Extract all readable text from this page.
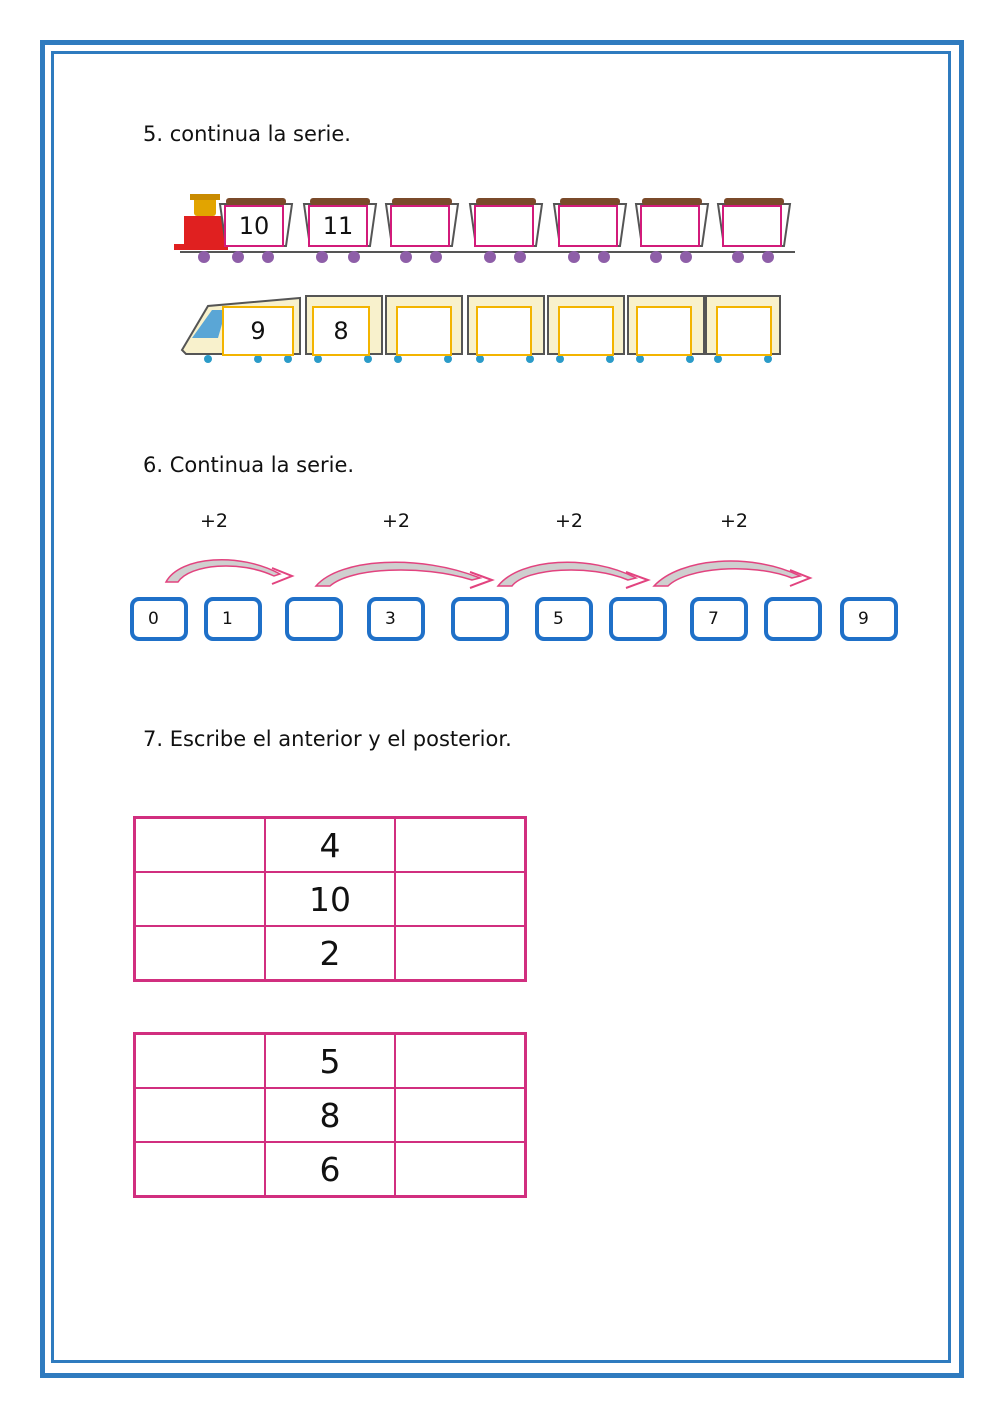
5. continua la serie.
10	11
9	8
6. Continua la serie.
+2	+2	+2	+2
0	1	3	5	7	9
7. Escribe el anterior y el posterior.
	4	
	10	
	2	
	5	
	8	
	6	
